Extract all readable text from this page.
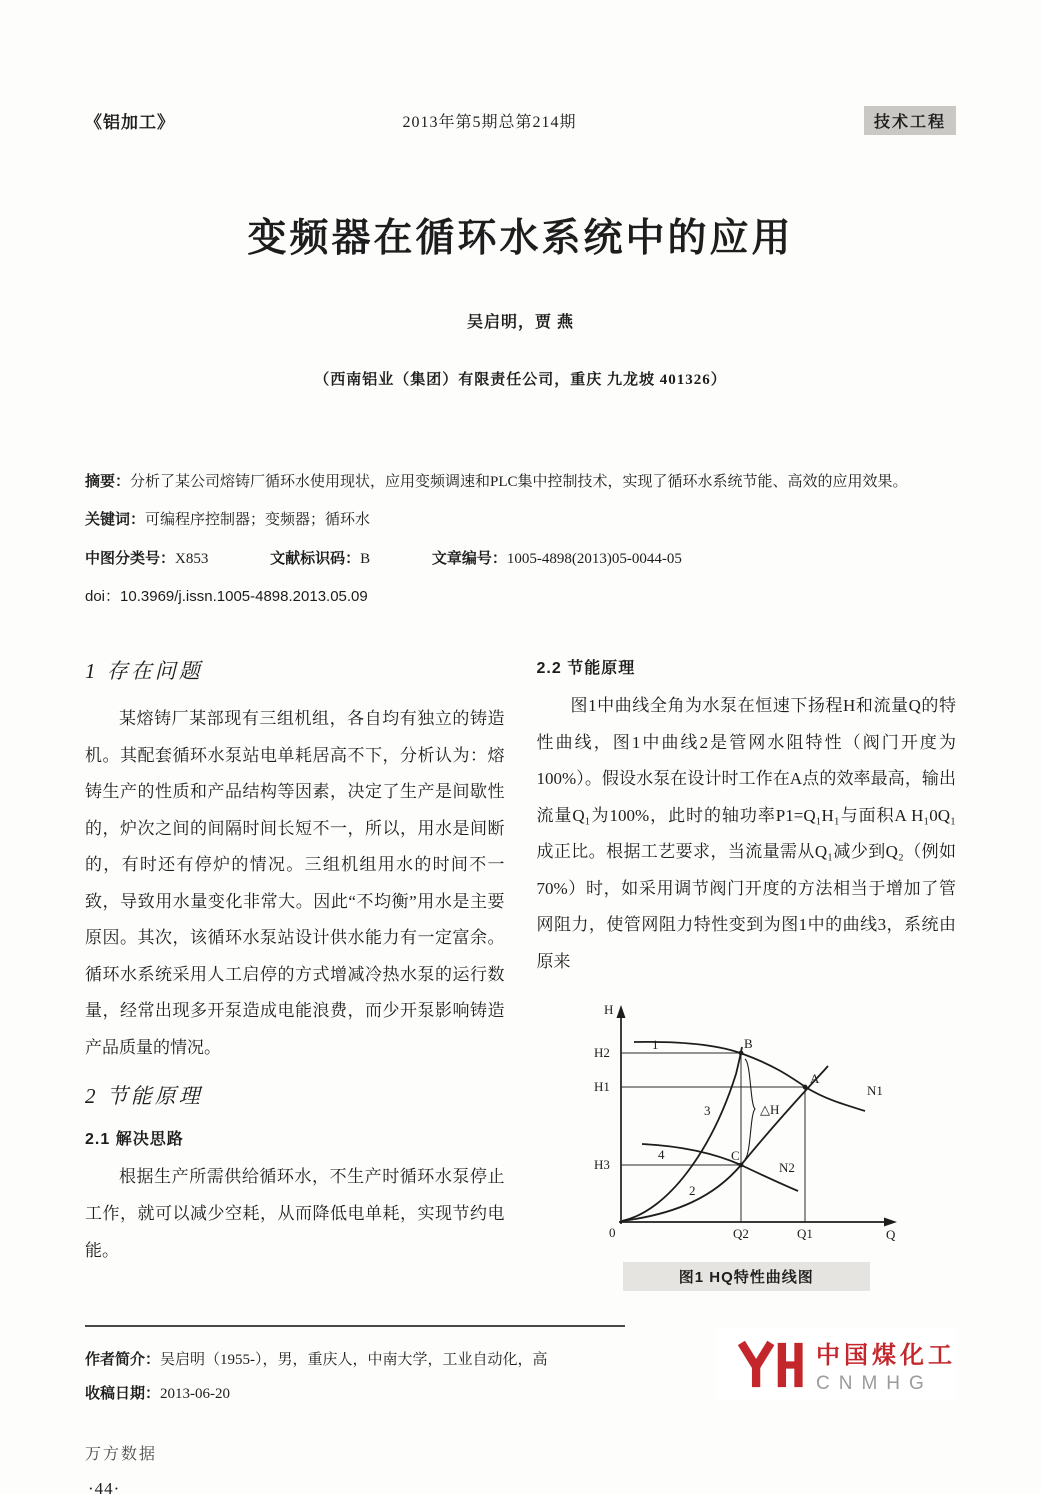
《铝加工》	2013年第5期总第214期	技术工程
变频器在循环水系统中的应用
吴启明，贾 燕
（西南铝业（集团）有限责任公司，重庆 九龙坡 401326）

摘要：分析了某公司熔铸厂循环水使用现状，应用变频调速和PLC集中控制技术，实现了循环水系统节能、高效的应用效果。

关键词：可编程序控制器；变频器；循环水

中图分类号：X853	文献标识码：B	文章编号：1005-4898(2013)05-0044-05

doi：10.3969/j.issn.1005-4898.2013.05.09

1 存在问题

某熔铸厂某部现有三组机组，各自均有独立的铸造机。其配套循环水泵站电单耗居高不下，分析认为：熔铸生产的性质和产品结构等因素，决定了生产是间歇性的，炉次之间的间隔时间长短不一，所以，用水是间断的，有时还有停炉的情况。三组机组用水的时间不一致，导致用水量变化非常大。因此“不均衡”用水是主要原因。其次，该循环水泵站设计供水能力有一定富余。循环水系统采用人工启停的方式增减冷热水泵的运行数量，经常出现多开泵造成电能浪费，而少开泵影响铸造产品质量的情况。

2 节能原理
2.1 解决思路

根据生产所需供给循环水，不生产时循环水泵停止工作，就可以减少空耗，从而降低电单耗，实现节约电能。

2.2 节能原理

图1中曲线全角为水泵在恒速下扬程H和流量Q的特性曲线，图1中曲线2是管网水阻特性（阀门开度为100%）。假设水泵在设计时工作在A点的效率最高，输出流量Q₁为100%，此时的轴功率P1=Q₁H₁与面积A H₁0Q₁成正比。根据工艺要求，当流量需从Q₁减少到Q₂（例如70%）时，如采用调节阀门开度的方法相当于增加了管网阻力，使管网阻力特性变到为图1中的曲线3，系统由原来

H
Q
0
H2
H1
H3
Q2	Q1
B
A
C
N1
N2
△H
1
2
3
4
图1 HQ特性曲线图

作者简介：吴启明（1955-），男，重庆人，中南大学，工业自动化，高

收稿日期：2013-06-20

中国煤化工
CNMHG
·44·
万方数据
